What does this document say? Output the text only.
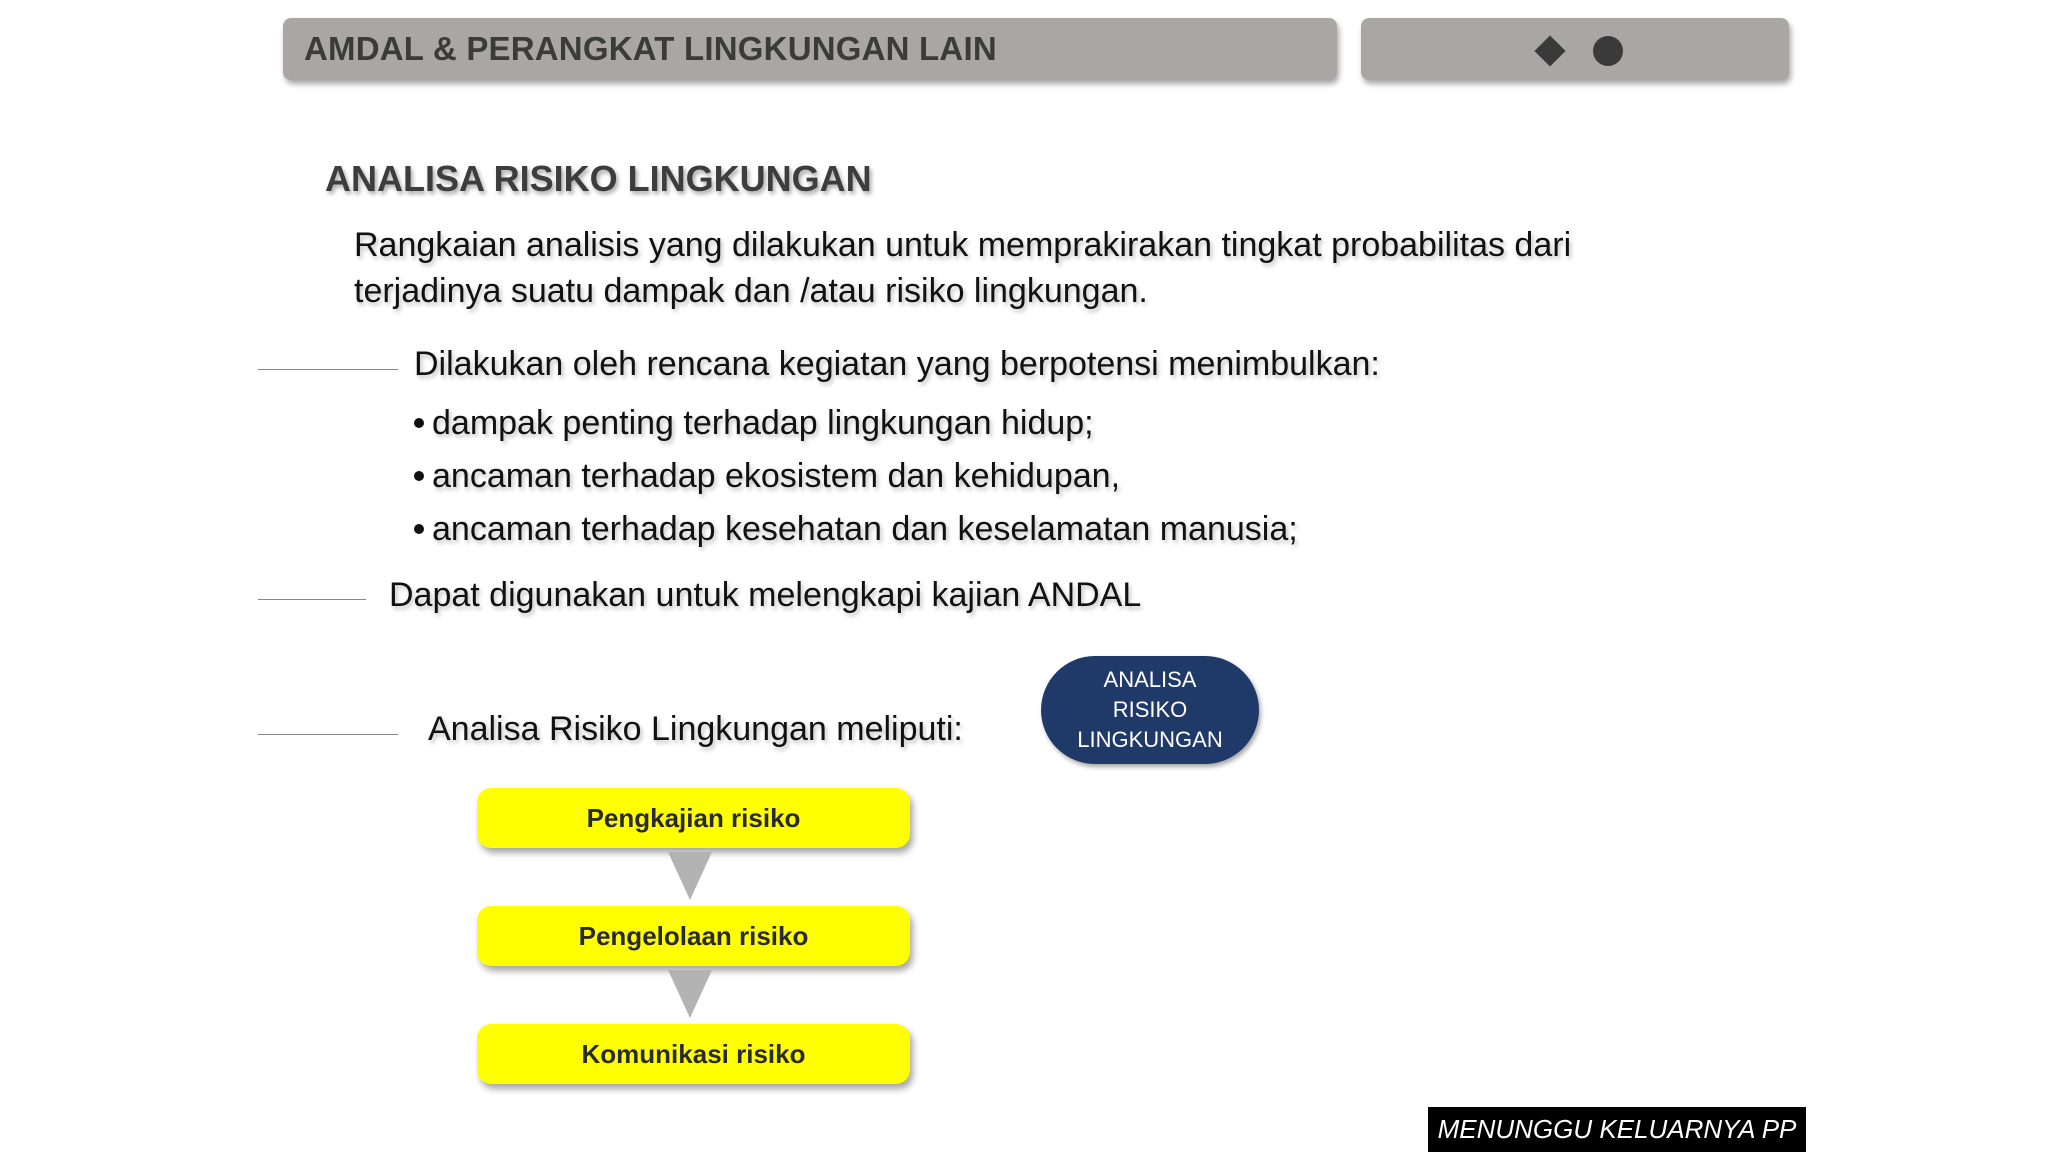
AMDAL & PERANGKAT LINGKUNGAN LAIN
ANALISA RISIKO LINGKUNGAN
Rangkaian analisis yang dilakukan untuk memprakirakan tingkat probabilitas dari terjadinya suatu dampak dan /atau risiko lingkungan.
Dilakukan oleh rencana kegiatan yang berpotensi menimbulkan:
dampak penting terhadap lingkungan hidup;
ancaman terhadap ekosistem dan kehidupan,
ancaman terhadap kesehatan dan keselamatan manusia;
Dapat digunakan untuk melengkapi kajian ANDAL
Analisa Risiko Lingkungan meliputi:
ANALISA
RISIKO
LINGKUNGAN
Pengkajian risiko
Pengelolaan risiko
Komunikasi risiko
MENUNGGU KELUARNYA PP
